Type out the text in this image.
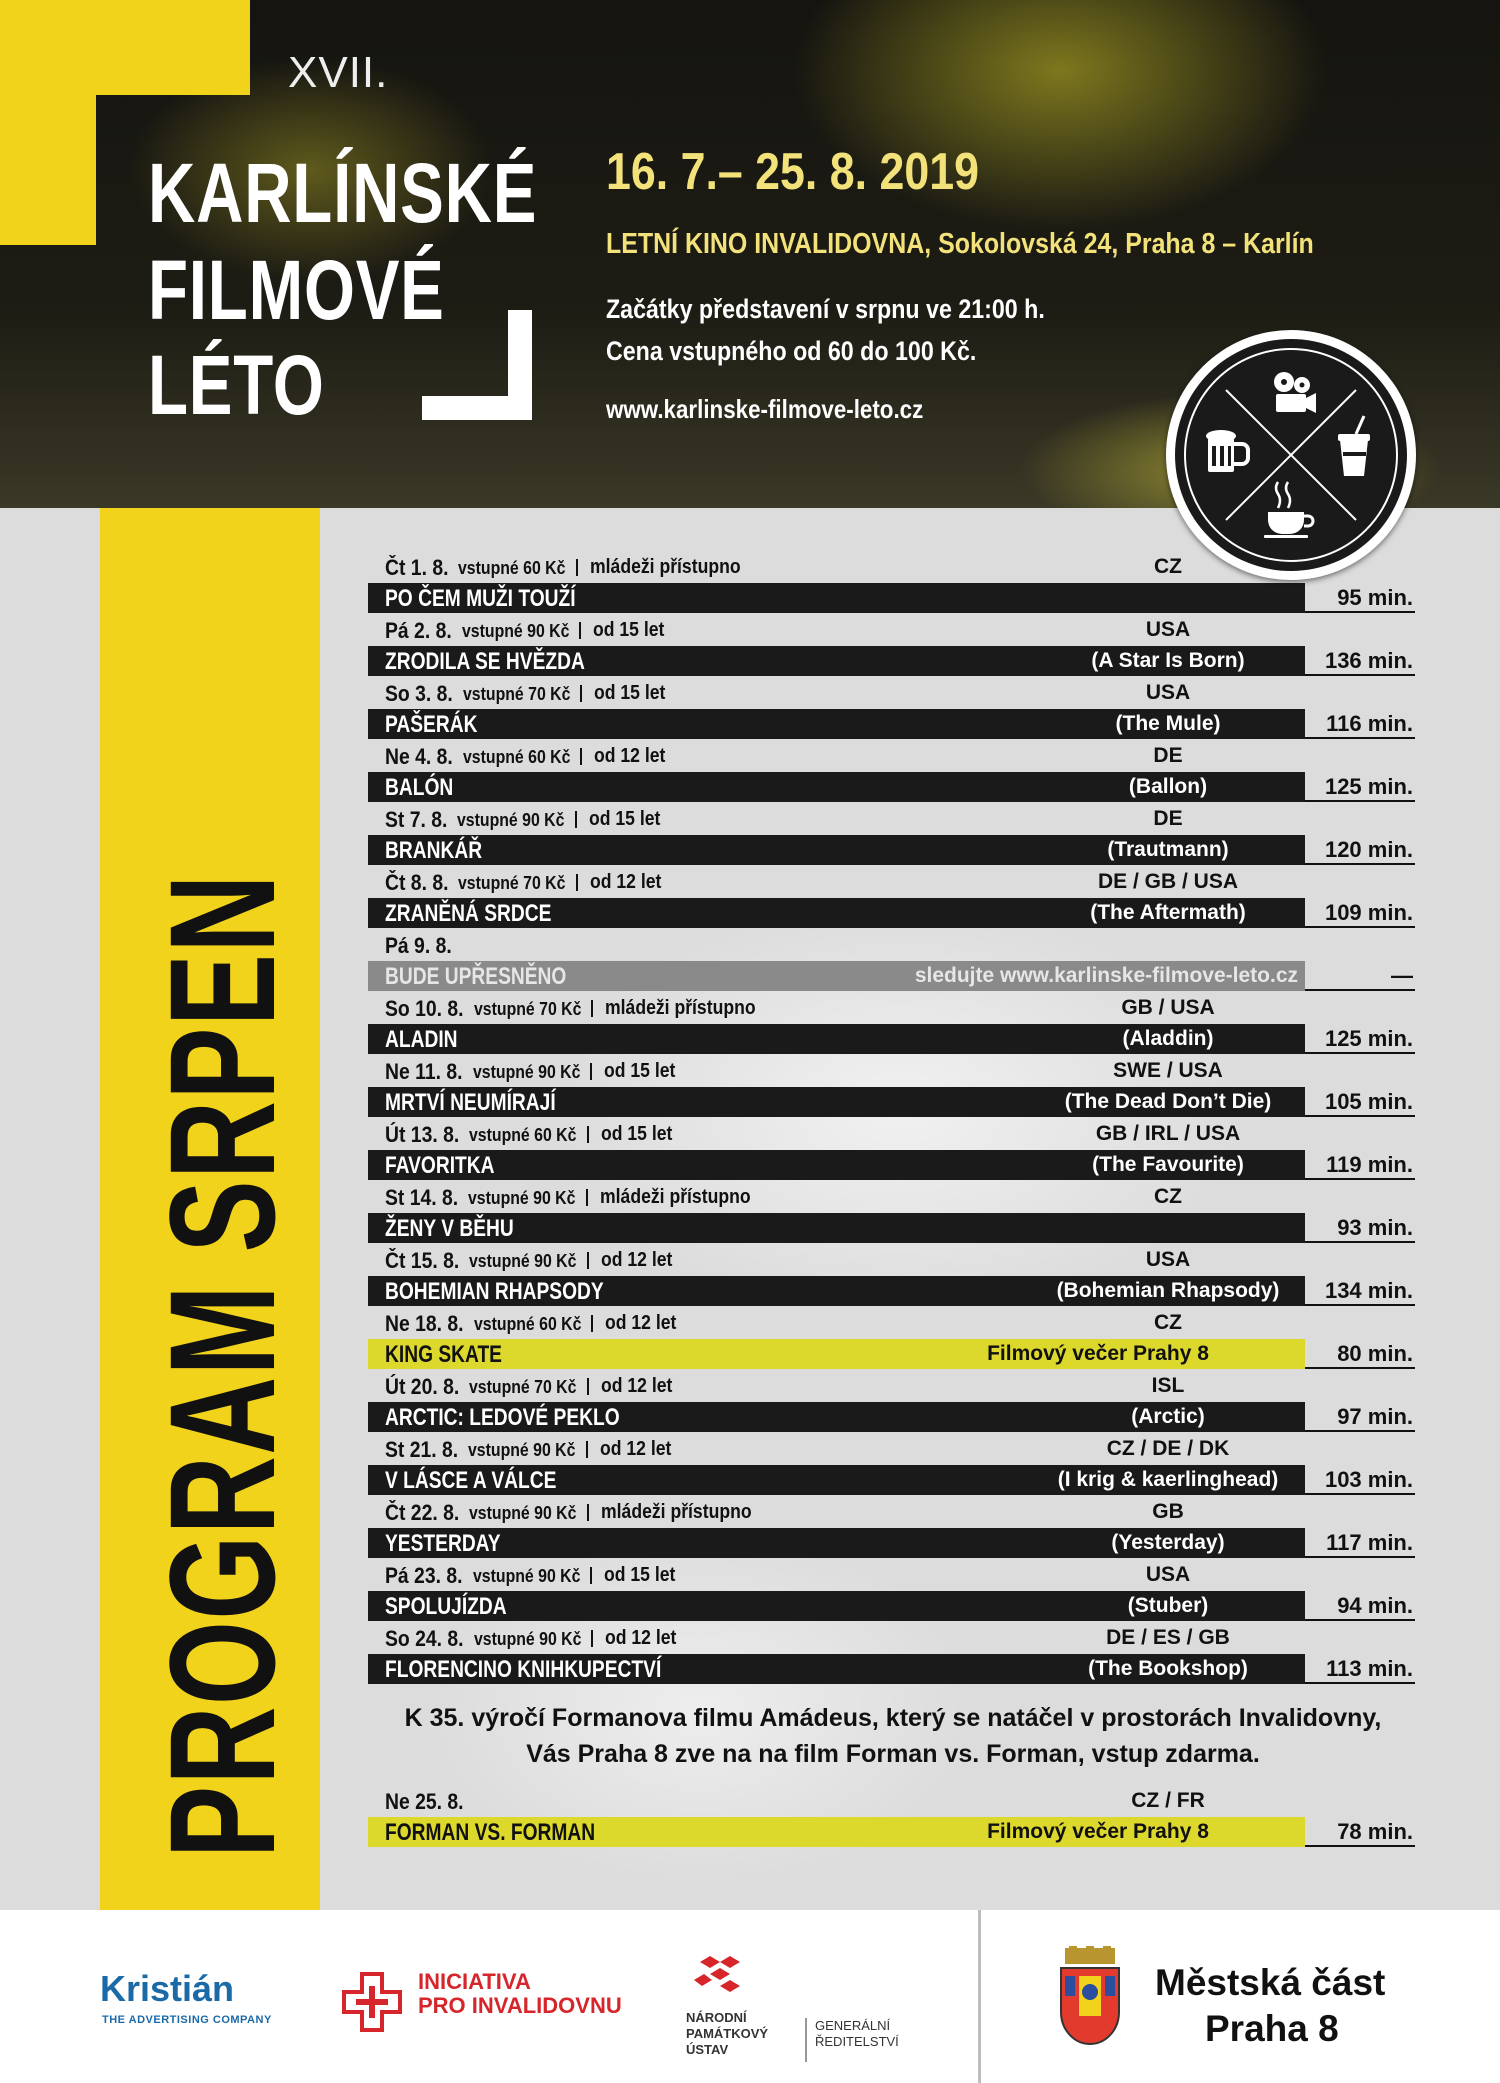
XVII.
KARLÍNSKÉ
FILMOVÉ
LÉTO
16. 7.– 25. 8. 2019
LETNÍ KINO INVALIDOVNA, Sokolovská 24, Praha 8 – Karlín
Začátky představení v srpnu ve 21:00 h.
Cena vstupného od 60 do 100 Kč.
www.karlinske-filmove-leto.cz
PROGRAM SRPEN
Čt 1. 8. vstupné 60 Kč mládeži přístupno	CZ
PO ČEM MUŽI TOUŽÍ	95 min.
Pá 2. 8. vstupné 90 Kč od 15 let	USA
ZRODILA SE HVĚZDA	(A Star Is Born)	136 min.
So 3. 8. vstupné 70 Kč od 15 let	USA
PAŠERÁK	(The Mule)	116 min.
Ne 4. 8. vstupné 60 Kč od 12 let	DE
BALÓN	(Ballon)	125 min.
St 7. 8. vstupné 90 Kč od 15 let	DE
BRANKÁŘ	(Trautmann)	120 min.
Čt 8. 8. vstupné 70 Kč od 12 let	DE / GB / USA
ZRANĚNÁ SRDCE	(The Aftermath)	109 min.
Pá 9. 8.
BUDE UPŘESNĚNO	sledujte www.karlinske-filmove-leto.cz	—
So 10. 8. vstupné 70 Kč mládeži přístupno	GB / USA
ALADIN	(Aladdin)	125 min.
Ne 11. 8. vstupné 90 Kč od 15 let	SWE / USA
MRTVÍ NEUMÍRAJÍ	(The Dead Don’t Die)	105 min.
Út 13. 8. vstupné 60 Kč od 15 let	GB / IRL / USA
FAVORITKA	(The Favourite)	119 min.
St 14. 8. vstupné 90 Kč mládeži přístupno	CZ
ŽENY V BĚHU	93 min.
Čt 15. 8. vstupné 90 Kč od 12 let	USA
BOHEMIAN RHAPSODY	(Bohemian Rhapsody)	134 min.
Ne 18. 8. vstupné 60 Kč od 12 let	CZ
KING SKATE	Filmový večer Prahy 8	80 min.
Út 20. 8. vstupné 70 Kč od 12 let	ISL
ARCTIC: LEDOVÉ PEKLO	(Arctic)	97 min.
St 21. 8. vstupné 90 Kč od 12 let	CZ / DE / DK
V LÁSCE A VÁLCE	(I krig & kaerlinghead)	103 min.
Čt 22. 8. vstupné 90 Kč mládeži přístupno	GB
YESTERDAY	(Yesterday)	117 min.
Pá 23. 8. vstupné 90 Kč od 15 let	USA
SPOLUJÍZDA	(Stuber)	94 min.
So 24. 8. vstupné 90 Kč od 12 let	DE / ES / GB
FLORENCINO KNIHKUPECTVÍ	(The Bookshop)	113 min.
K 35. výročí Formanova filmu Amádeus, který se natáčel v prostorách Invalidovny,
Vás Praha 8 zve na na film Forman vs. Forman, vstup zdarma.
Ne 25. 8.	CZ / FR
FORMAN VS. FORMAN	Filmový večer Prahy 8	78 min.
Kristián
THE ADVERTISING COMPANY
INICIATIVA
PRO INVALIDOVNU	NÁRODNÍ
PAMÁTKOVÝ
ÚSTAV
GENERÁLNÍ
ŘEDITELSTVÍ
Městská část
Praha 8
